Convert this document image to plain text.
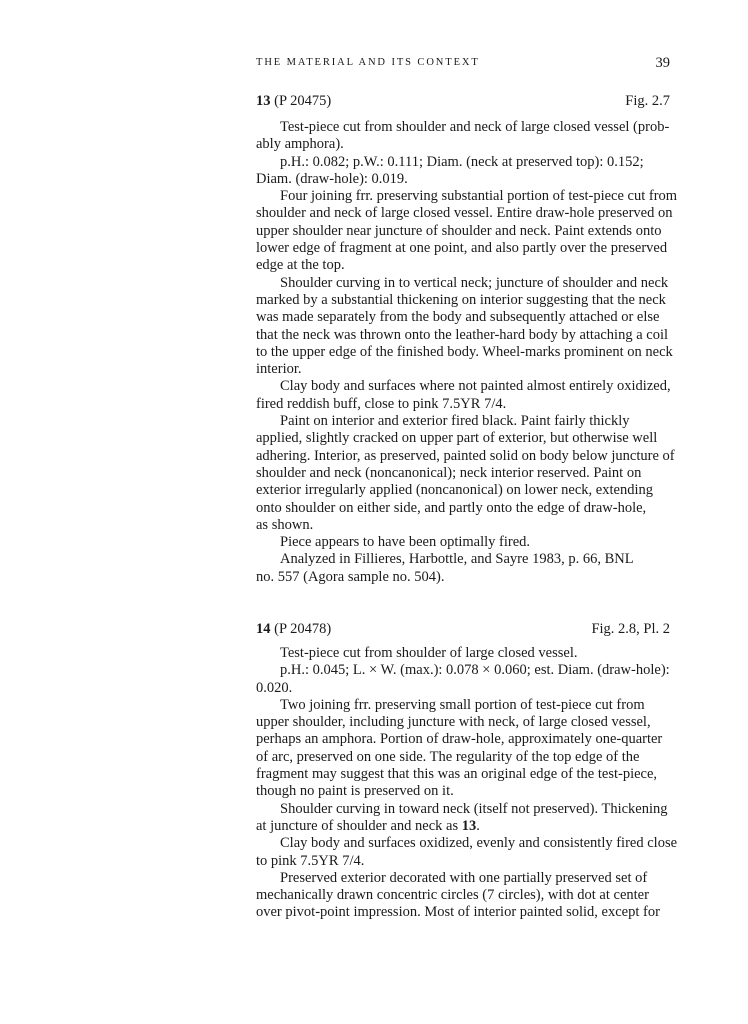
THE MATERIAL AND ITS CONTEXT	39
13 (P 20475)	Fig. 2.7
Test-piece cut from shoulder and neck of large closed vessel (prob-
ably amphora).
p.H.: 0.082; p.W.: 0.111; Diam. (neck at preserved top): 0.152;
Diam. (draw-hole): 0.019.
Four joining frr. preserving substantial portion of test-piece cut from
shoulder and neck of large closed vessel. Entire draw-hole preserved on
upper shoulder near juncture of shoulder and neck. Paint extends onto
lower edge of fragment at one point, and also partly over the preserved
edge at the top.
Shoulder curving in to vertical neck; juncture of shoulder and neck
marked by a substantial thickening on interior suggesting that the neck
was made separately from the body and subsequently attached or else
that the neck was thrown onto the leather-hard body by attaching a coil
to the upper edge of the finished body. Wheel-marks prominent on neck
interior.
Clay body and surfaces where not painted almost entirely oxidized,
fired reddish buff, close to pink 7.5YR 7/4.
Paint on interior and exterior fired black. Paint fairly thickly
applied, slightly cracked on upper part of exterior, but otherwise well
adhering. Interior, as preserved, painted solid on body below juncture of
shoulder and neck (noncanonical); neck interior reserved. Paint on
exterior irregularly applied (noncanonical) on lower neck, extending
onto shoulder on either side, and partly onto the edge of draw-hole,
as shown.
Piece appears to have been optimally fired.
Analyzed in Fillieres, Harbottle, and Sayre 1983, p. 66, BNL
no. 557 (Agora sample no. 504).
14 (P 20478)	Fig. 2.8, Pl. 2
Test-piece cut from shoulder of large closed vessel.
p.H.: 0.045; L. × W. (max.): 0.078 × 0.060; est. Diam. (draw-hole):
0.020.
Two joining frr. preserving small portion of test-piece cut from
upper shoulder, including juncture with neck, of large closed vessel,
perhaps an amphora. Portion of draw-hole, approximately one-quarter
of arc, preserved on one side. The regularity of the top edge of the
fragment may suggest that this was an original edge of the test-piece,
though no paint is preserved on it.
Shoulder curving in toward neck (itself not preserved). Thickening
at juncture of shoulder and neck as 13.
Clay body and surfaces oxidized, evenly and consistently fired close
to pink 7.5YR 7/4.
Preserved exterior decorated with one partially preserved set of
mechanically drawn concentric circles (7 circles), with dot at center
over pivot-point impression. Most of interior painted solid, except for
